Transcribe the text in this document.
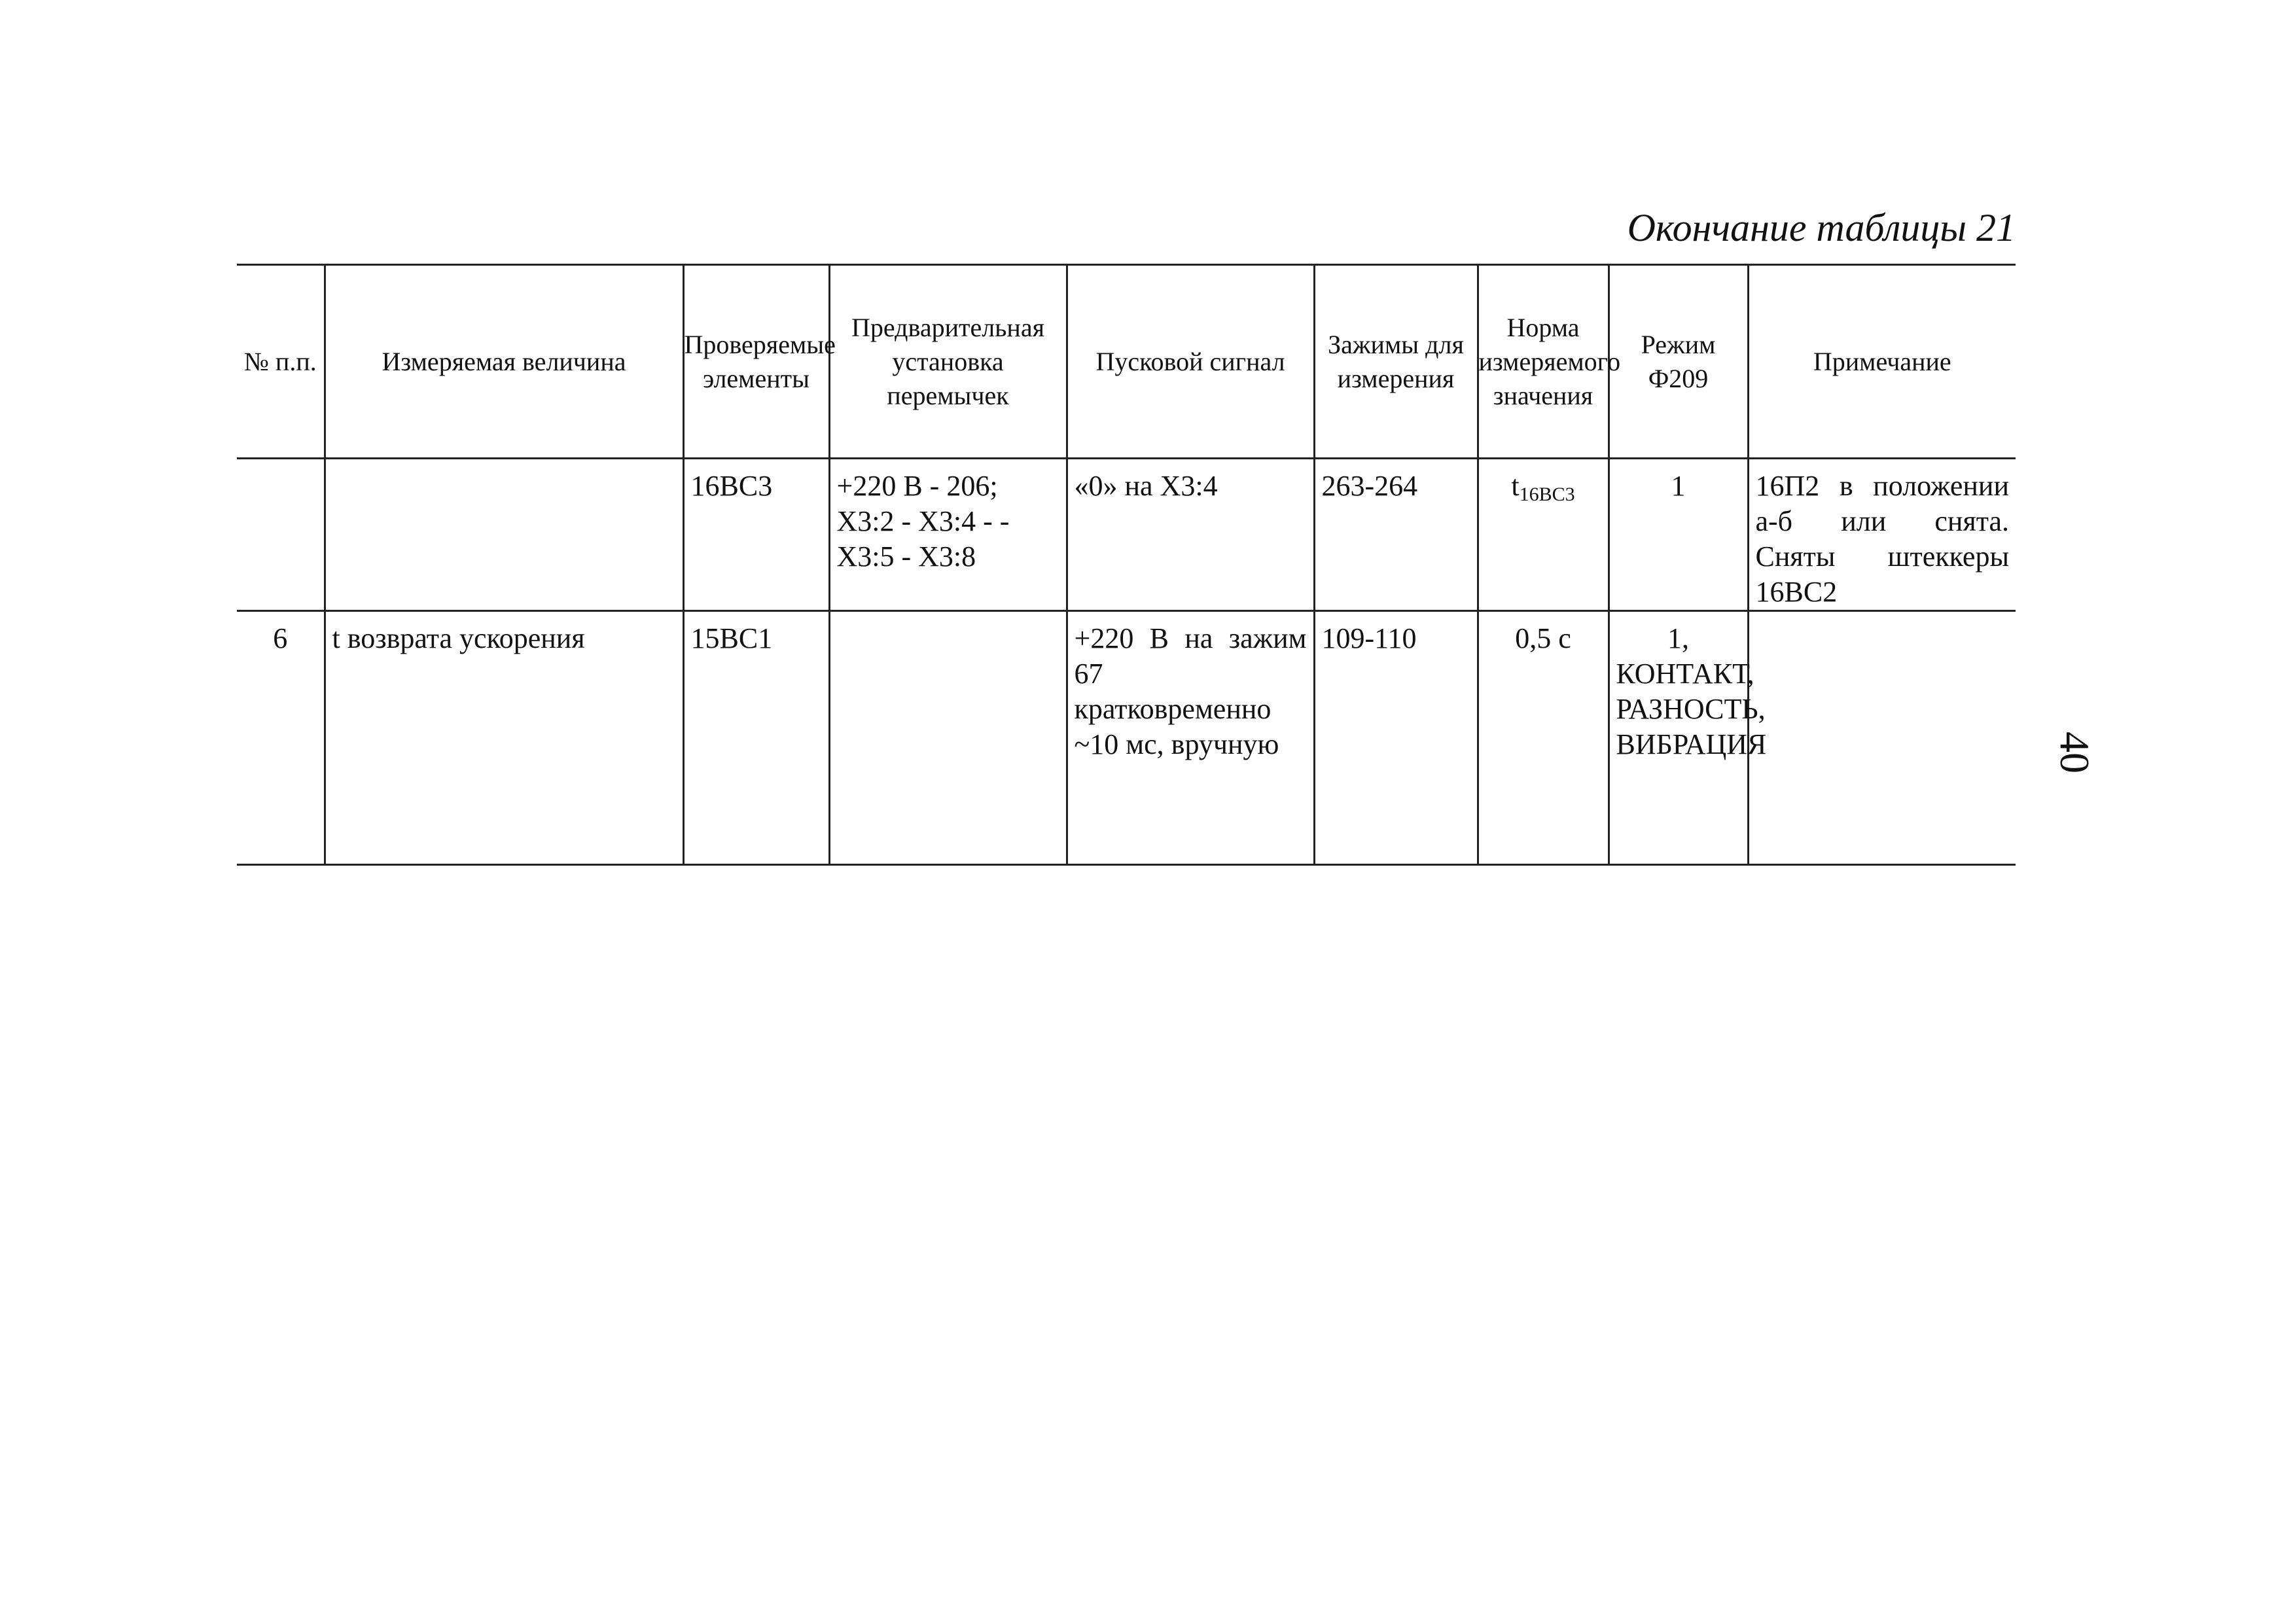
Окончание таблицы 21
40
№ п.п.	Измеряемая величина	Проверяемые элементы	Предварительная установка перемычек	Пусковой сигнал	Зажимы для измерения	Норма измеряемого значения	Режим Ф209	Примечание
		16ВС3	+220 В - 206; Х3:2 - Х3:4 - - Х3:5 - Х3:8	«0» на Х3:4	263-264	$t_{16ВС3}$	1	16П2 в положении а-б или снята. Сняты штеккеры 16ВС2
6	t возврата ускорения	15ВС1		+220 В на зажим 67 кратковременно ~10 мс, вручную	109-110	0,5 с	1, КОНТАКТ, РАЗНОСТЬ, ВИБРАЦИЯ	
